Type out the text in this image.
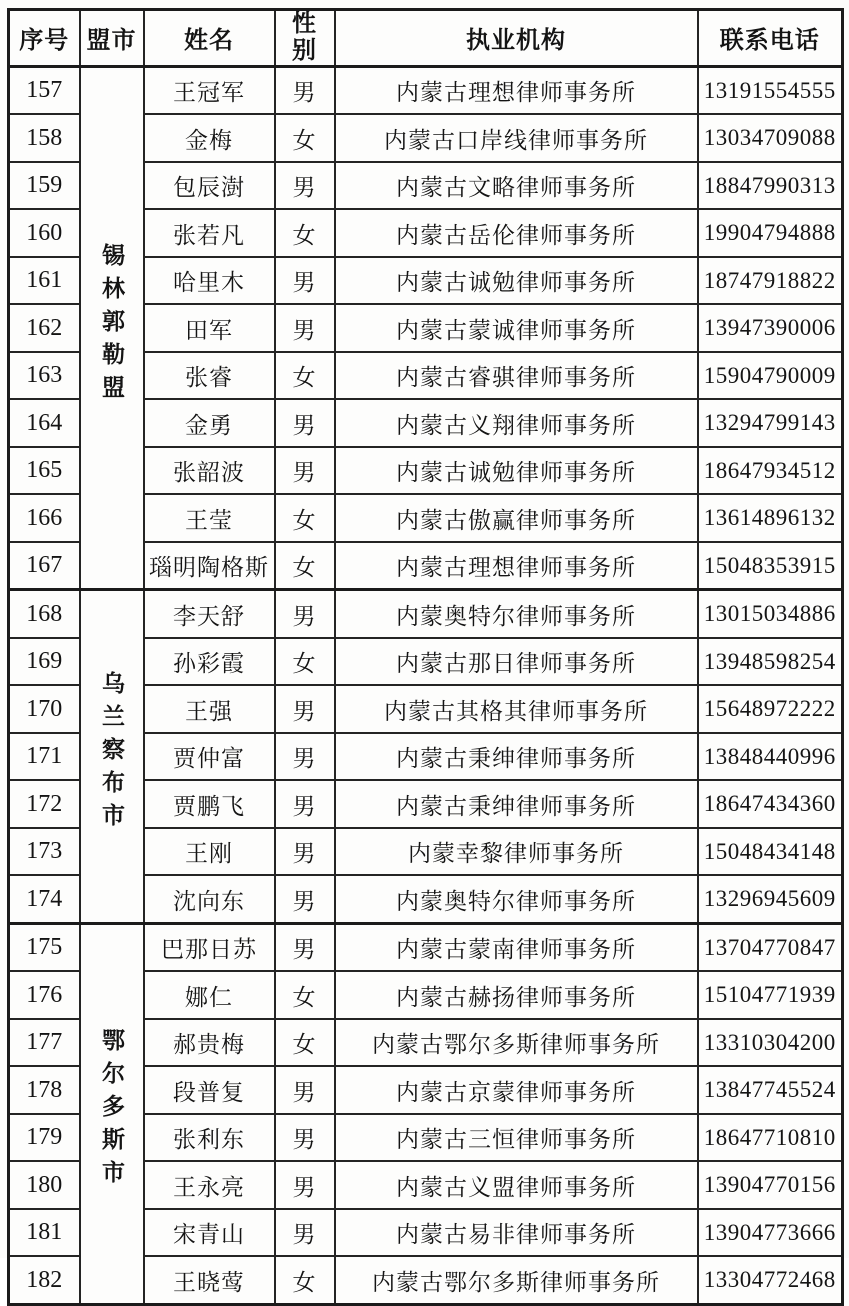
序号	盟市	姓名	性别	执业机构	联系电话
157	锡林郭勒盟	王冠军	男	内蒙古理想律师事务所	13191554555
158		金梅	女	内蒙古口岸线律师事务所	13034709088
159		包辰澍	男	内蒙古文略律师事务所	18847990313
160		张若凡	女	内蒙古岳伦律师事务所	19904794888
161		哈里木	男	内蒙古诚勉律师事务所	18747918822
162		田军	男	内蒙古蒙诚律师事务所	13947390006
163		张睿	女	内蒙古睿骐律师事务所	15904790009
164		金勇	男	内蒙古义翔律师事务所	13294799143
165		张韶波	男	内蒙古诚勉律师事务所	18647934512
166		王莹	女	内蒙古傲赢律师事务所	13614896132
167		瑙明陶格斯	女	内蒙古理想律师事务所	15048353915
168	乌兰察布市	李天舒	男	内蒙奥特尔律师事务所	13015034886
169		孙彩霞	女	内蒙古那日律师事务所	13948598254
170		王强	男	内蒙古其格其律师事务所	15648972222
171		贾仲富	男	内蒙古秉绅律师事务所	13848440996
172		贾鹏飞	男	内蒙古秉绅律师事务所	18647434360
173		王刚	男	内蒙幸黎律师事务所	15048434148
174		沈向东	男	内蒙奥特尔律师事务所	13296945609
175	鄂尔多斯市	巴那日苏	男	内蒙古蒙南律师事务所	13704770847
176		娜仁	女	内蒙古赫扬律师事务所	15104771939
177		郝贵梅	女	内蒙古鄂尔多斯律师事务所	13310304200
178		段普复	男	内蒙古京蒙律师事务所	13847745524
179		张利东	男	内蒙古三恒律师事务所	18647710810
180		王永亮	男	内蒙古义盟律师事务所	13904770156
181		宋青山	男	内蒙古易非律师事务所	13904773666
182		王晓莺	女	内蒙古鄂尔多斯律师事务所	13304772468
